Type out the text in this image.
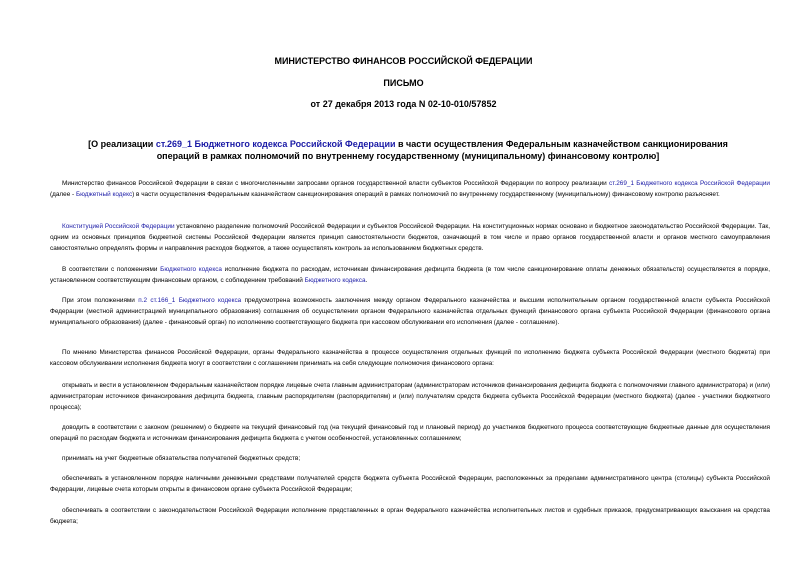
МИНИСТЕРСТВО ФИНАНСОВ РОССИЙСКОЙ ФЕДЕРАЦИИ
ПИСЬМО
от 27 декабря 2013 года N 02-10-010/57852
[О реализации ст.269_1 Бюджетного кодекса Российской Федерации в части осуществления Федеральным казначейством санкционирования операций в рамках полномочий по внутреннему государственному (муниципальному) финансовому контролю]

Министерство финансов Российской Федерации в связи с многочисленными запросами органов государственной власти субъектов Российской Федерации по вопросу реализации ст.269_1 Бюджетного кодекса Российской Федерации (далее - Бюджетный кодекс) в части осуществления Федеральным казначейством санкционирования операций в рамках полномочий по внутреннему государственному (муниципальному) финансовому контролю разъясняет.

Конституцией Российской Федерации установлено разделение полномочий Российской Федерации и субъектов Российской Федерации. На конституционных нормах основано и бюджетное законодательство Российской Федерации. Так, одним из основных принципов бюджетной системы Российской Федерации является принцип самостоятельности бюджетов, означающий в том числе и право органов государственной власти и органов местного самоуправления самостоятельно определять формы и направления расходов бюджетов, а также осуществлять контроль за использованием бюджетных средств.

В соответствии с положениями Бюджетного кодекса исполнение бюджета по расходам, источникам финансирования дефицита бюджета (в том числе санкционирование оплаты денежных обязательств) осуществляется в порядке, установленном соответствующим финансовым органом, с соблюдением требований Бюджетного кодекса.

При этом положениями п.2 ст.166_1 Бюджетного кодекса предусмотрена возможность заключения между органом Федерального казначейства и высшим исполнительным органом государственной власти субъекта Российской Федерации (местной администрацией муниципального образования) соглашения об осуществлении органом Федерального казначейства отдельных функций финансового органа субъекта Российской Федерации (финансового органа муниципального образования) (далее - финансовый орган) по исполнению соответствующего бюджета при кассовом обслуживании его исполнения (далее - соглашение).

По мнению Министерства финансов Российской Федерации, органы Федерального казначейства в процессе осуществления отдельных функций по исполнению бюджета субъекта Российской Федерации (местного бюджета) при кассовом обслуживании исполнения бюджета могут в соответствии с соглашением принимать на себя следующие полномочия финансового органа:

открывать и вести в установленном Федеральным казначейством порядке лицевые счета главным администраторам (администраторам источников финансирования дефицита бюджета с полномочиями главного администратора) и (или) администраторам источников финансирования дефицита бюджета, главным распорядителям (распорядителям) и (или) получателям средств бюджета субъекта Российской Федерации (местного бюджета) (далее - участники бюджетного процесса);

доводить в соответствии с законом (решением) о бюджете на текущий финансовый год (на текущий финансовый год и плановый период) до участников бюджетного процесса соответствующие бюджетные данные для осуществления операций по расходам бюджета и источникам финансирования дефицита бюджета с учетом особенностей, установленных соглашением;

принимать на учет бюджетные обязательства получателей бюджетных средств;

обеспечивать в установленном порядке наличными денежными средствами получателей средств бюджета субъекта Российской Федерации, расположенных за пределами административного центра (столицы) субъекта Российской Федерации, лицевые счета которым открыты в финансовом органе субъекта Российской Федерации;

обеспечивать в соответствии с законодательством Российской Федерации исполнение представленных в орган Федерального казначейства исполнительных листов и судебных приказов, предусматривающих взыскания на средства бюджета;
